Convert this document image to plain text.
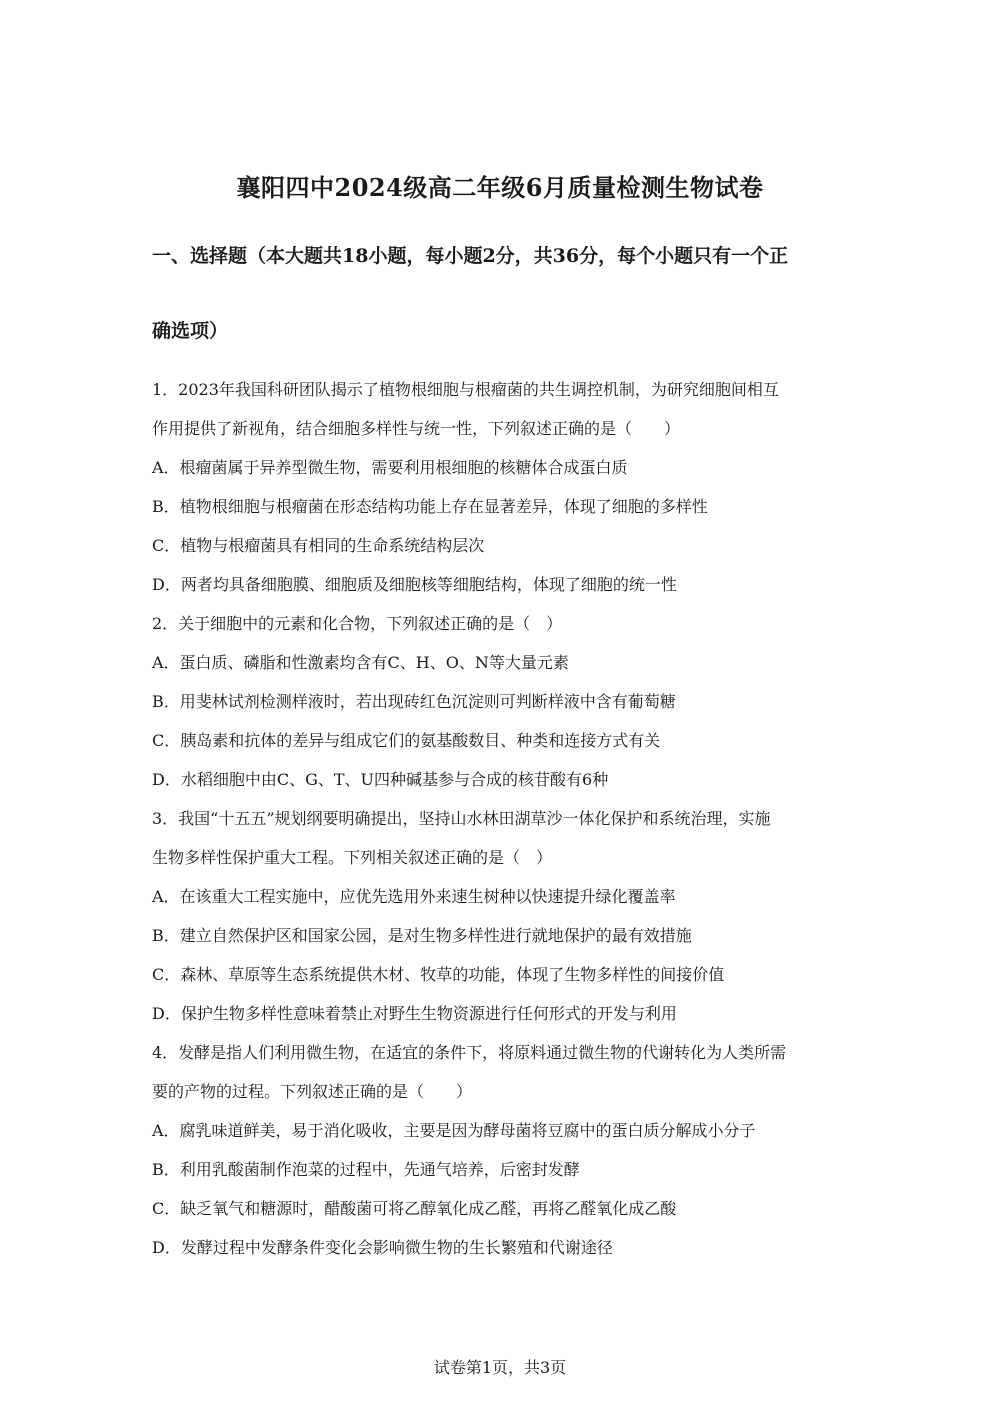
襄阳四中2024级高二年级6月质量检测生物试卷
一、选择题（本大题共18小题，每小题2分，共36分，每个小题只有一个正
确选项）

1．2023年我国科研团队揭示了植物根细胞与根瘤菌的共生调控机制，为研究细胞间相互

作用提供了新视角，结合细胞多样性与统一性，下列叙述正确的是（　　）

A．根瘤菌属于异养型微生物，需要利用根细胞的核糖体合成蛋白质

B．植物根细胞与根瘤菌在形态结构功能上存在显著差异，体现了细胞的多样性

C．植物与根瘤菌具有相同的生命系统结构层次

D．两者均具备细胞膜、细胞质及细胞核等细胞结构，体现了细胞的统一性

2．关于细胞中的元素和化合物，下列叙述正确的是（　）

A．蛋白质、磷脂和性激素均含有C、H、O、N等大量元素

B．用斐林试剂检测样液时，若出现砖红色沉淀则可判断样液中含有葡萄糖

C．胰岛素和抗体的差异与组成它们的氨基酸数目、种类和连接方式有关

D．水稻细胞中由C、G、T、U四种碱基参与合成的核苷酸有6种

3．我国“十五五”规划纲要明确提出，坚持山水林田湖草沙一体化保护和系统治理，实施

生物多样性保护重大工程。下列相关叙述正确的是（　）

A．在该重大工程实施中，应优先选用外来速生树种以快速提升绿化覆盖率

B．建立自然保护区和国家公园，是对生物多样性进行就地保护的最有效措施

C．森林、草原等生态系统提供木材、牧草的功能，体现了生物多样性的间接价值

D．保护生物多样性意味着禁止对野生生物资源进行任何形式的开发与利用

4．发酵是指人们利用微生物，在适宜的条件下，将原料通过微生物的代谢转化为人类所需

要的产物的过程。下列叙述正确的是（　　）

A．腐乳味道鲜美，易于消化吸收，主要是因为酵母菌将豆腐中的蛋白质分解成小分子

B．利用乳酸菌制作泡菜的过程中，先通气培养，后密封发酵

C．缺乏氧气和糖源时，醋酸菌可将乙醇氧化成乙醛，再将乙醛氧化成乙酸

D．发酵过程中发酵条件变化会影响微生物的生长繁殖和代谢途径

试卷第1页，共3页
